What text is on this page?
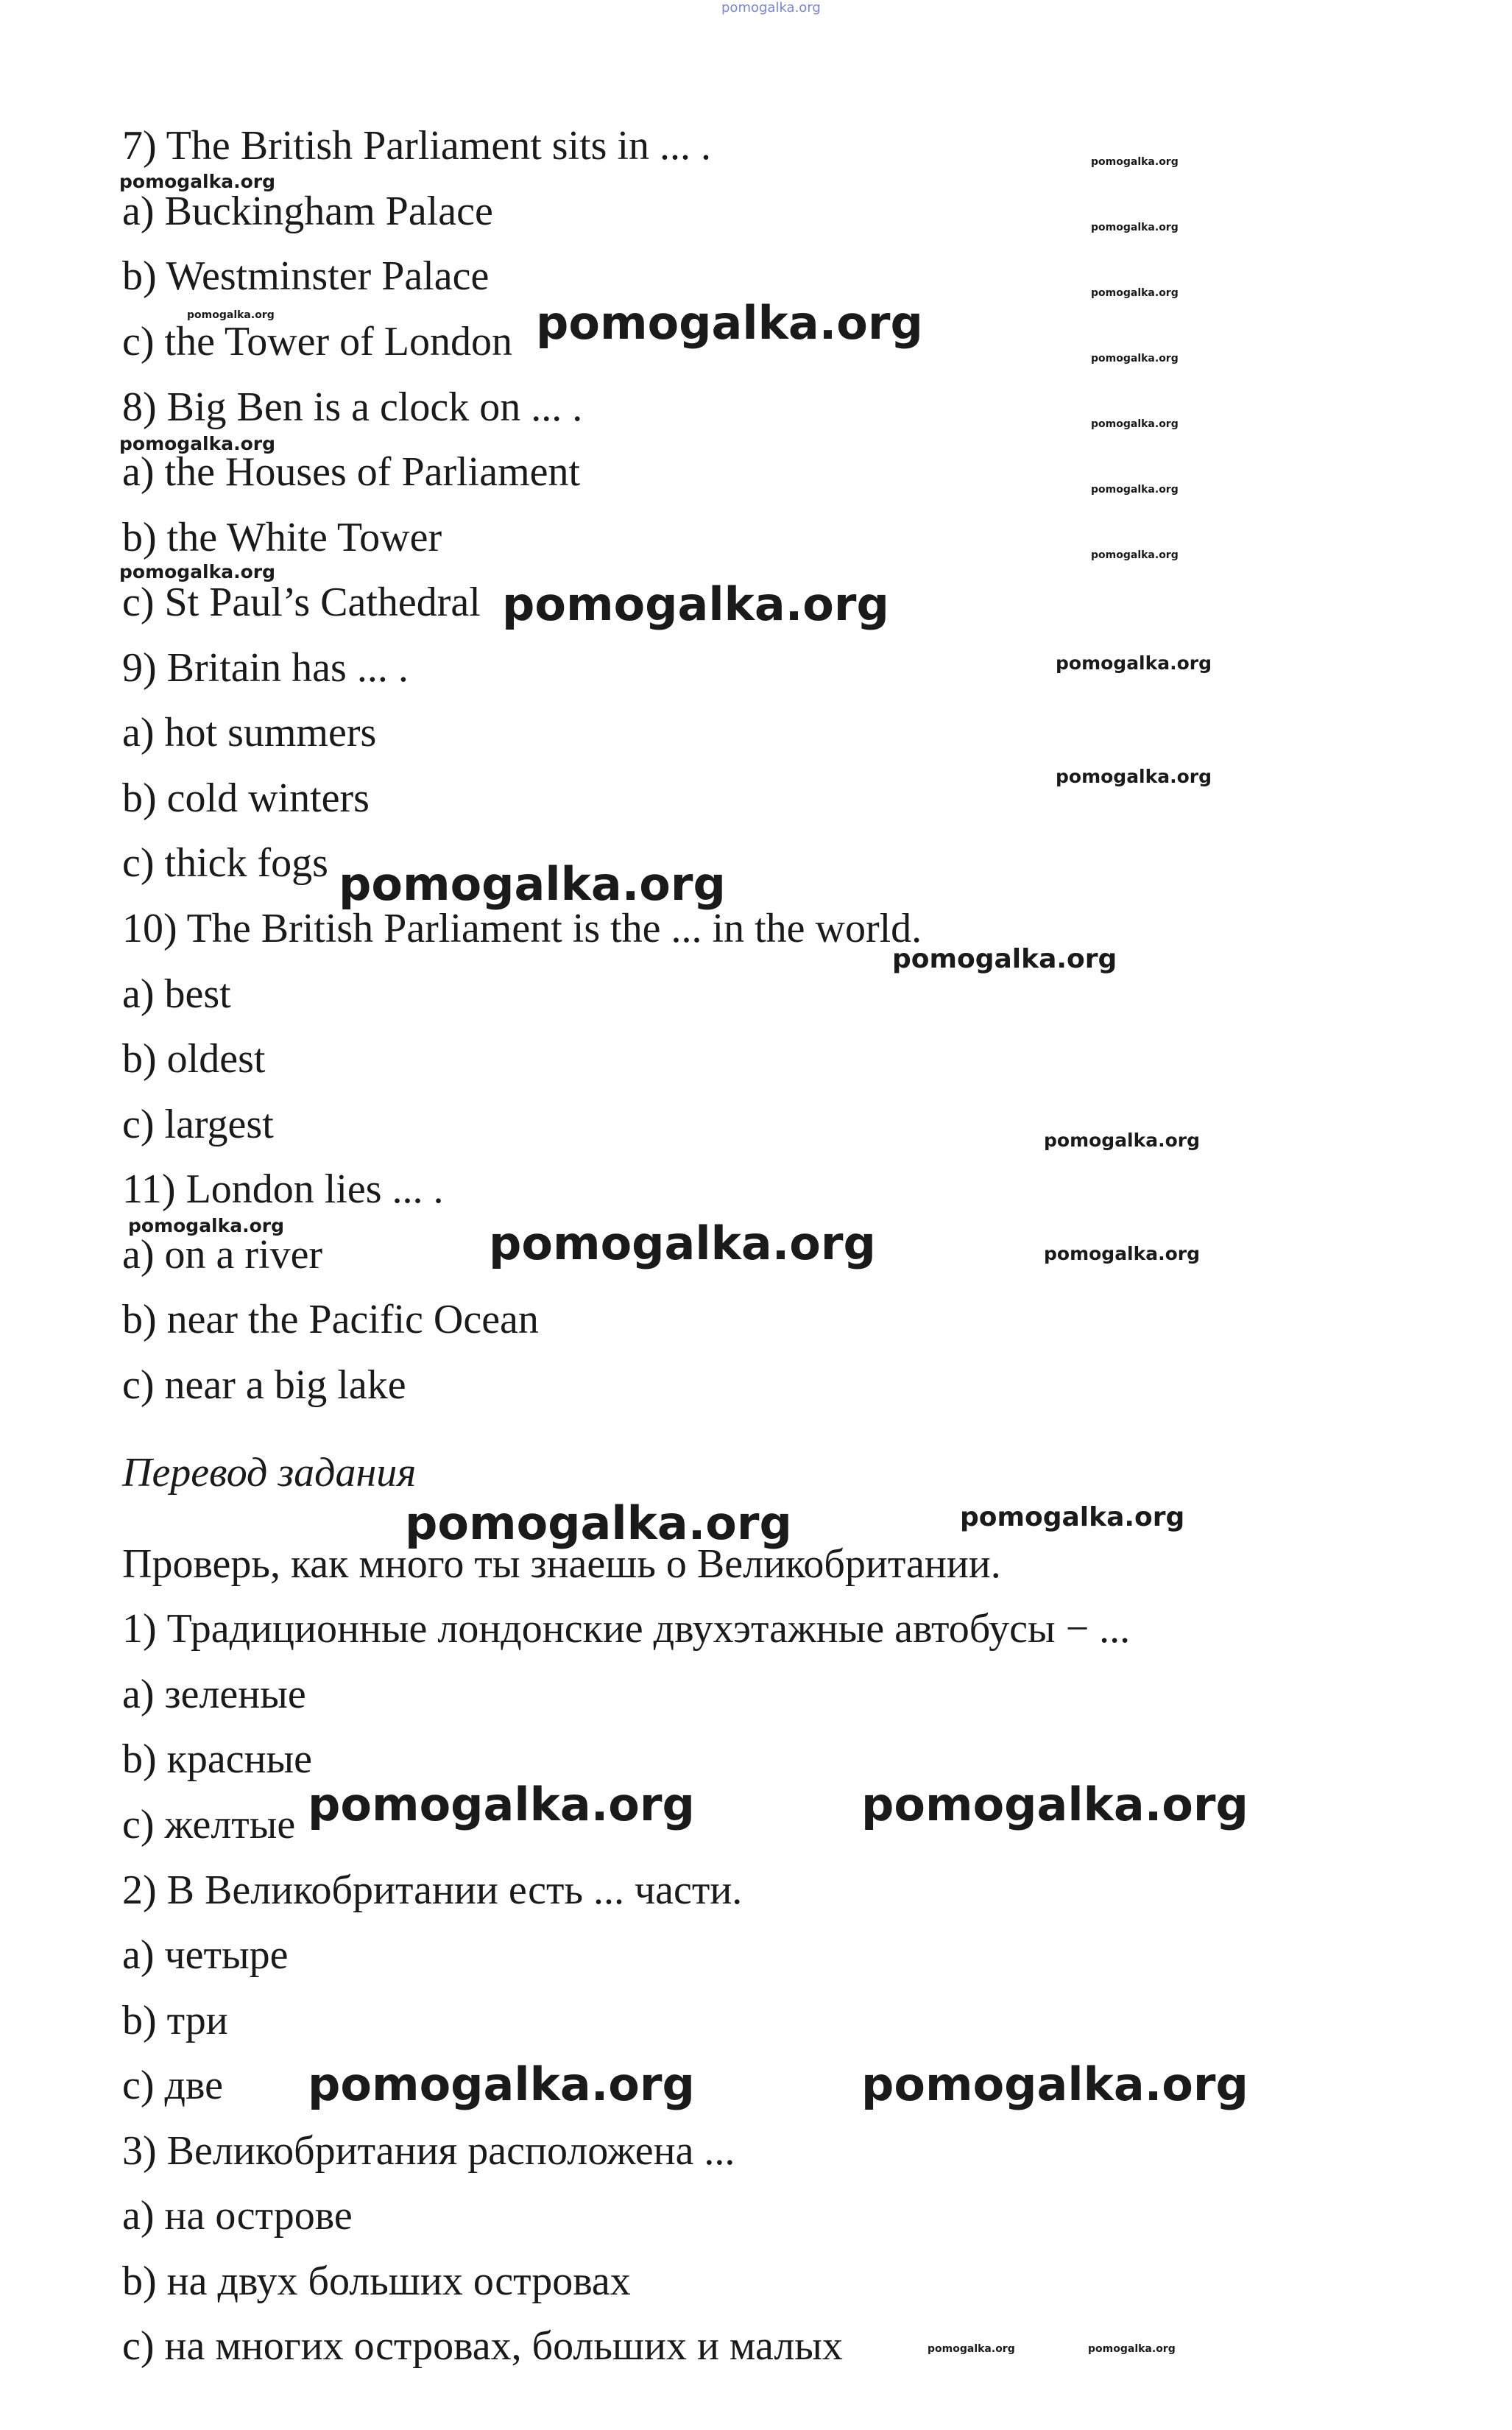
pomogalka.org
7) The British Parliament sits in ... .
a) Buckingham Palace
b) Westminster Palace
c) the Tower of London
8) Big Ben is a clock on ... .
a) the Houses of Parliament
b) the White Tower
c) St Paul’s Cathedral
9) Britain has ... .
a) hot summers
b) cold winters
c) thick fogs
10) The British Parliament is the ... in the world.
a) best
b) oldest
c) largest
11) London lies ... .
a) on a river
b) near the Pacific Ocean
c) near a big lake
Перевод задания
Проверь, как много ты знаешь о Великобритании.
1) Традиционные лондонские двухэтажные автобусы − ...
a) зеленые
b) красные
c) желтые
2) В Великобритании есть ... части.
a) четыре
b) три
c) две
3) Великобритания расположена ...
a) на острове
b) на двух больших островах
c) на многих островах, больших и малых
pomogalka.org
pomogalka.org
pomogalka.org
pomogalka.org
pomogalka.org
pomogalka.org
pomogalka.org
pomogalka.org
pomogalka.org	pomogalka.org
pomogalka.org	pomogalka.org
pomogalka.org	pomogalka.org
pomogalka.org	pomogalka.org
pomogalka.org
pomogalka.org
pomogalka.org
pomogalka.org
pomogalka.org
pomogalka.org
pomogalka.org
pomogalka.org
pomogalka.org
pomogalka.org
pomogalka.org
pomogalka.org	pomogalka.org
